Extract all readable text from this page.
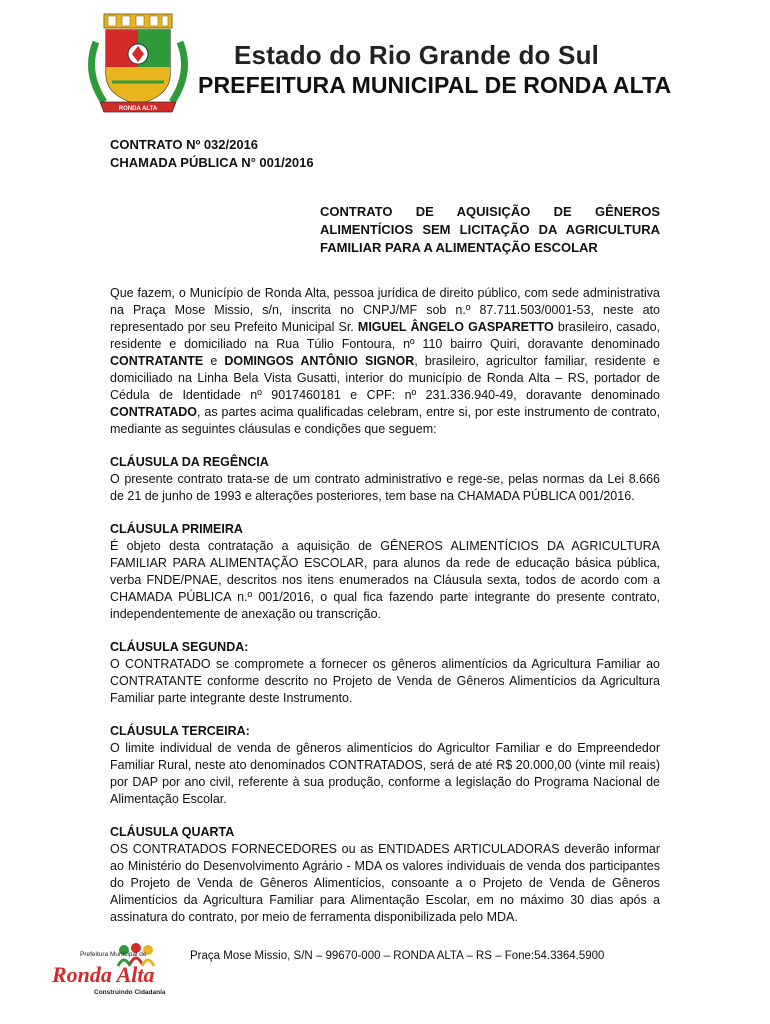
RONDA ALTA
Estado do Rio Grande do Sul
PREFEITURA MUNICIPAL DE RONDA ALTA
CONTRATO Nº 032/2016
CHAMADA PÚBLICA N° 001/2016
CONTRATO DE AQUISIÇÃO DE GÊNEROS ALIMENTÍCIOS SEM LICITAÇÃO DA AGRICULTURA
FAMILIAR PARA A ALIMENTAÇÃO ESCOLAR

Que fazem, o Município de Ronda Alta, pessoa jurídica de direito público, com sede administrativa na Praça Mose Missio, s/n, inscrita no CNPJ/MF sob n.º 87.711.503/0001-53, neste ato representado por seu Prefeito Municipal Sr. MIGUEL ÂNGELO GASPARETTO brasileiro, casado, residente e domiciliado na Rua Túlio Fontoura, nº 110 bairro Quiri, doravante denominado CONTRATANTE e DOMINGOS ANTÔNIO SIGNOR, brasileiro, agricultor familiar, residente e domiciliado na Linha Bela Vista Gusatti, interior do município de Ronda Alta – RS, portador de Cédula de Identidade nº 9017460181 e CPF: nº 231.336.940-49, doravante denominado CONTRATADO, as partes acima qualificadas celebram, entre si, por este instrumento de contrato, mediante as seguintes cláusulas e condições que seguem:

CLÁUSULA DA REGÊNCIA

O presente contrato trata-se de um contrato administrativo e rege-se, pelas normas da Lei 8.666 de 21 de junho de 1993 e alterações posteriores, tem base na CHAMADA PÚBLICA 001/2016.

CLÁUSULA PRIMEIRA

É objeto desta contratação a aquisição de GÊNEROS ALIMENTÍCIOS DA AGRICULTURA FAMILIAR PARA ALIMENTAÇÃO ESCOLAR, para alunos da rede de educação básica pública, verba FNDE/PNAE, descritos nos itens enumerados na Cláusula sexta, todos de acordo com a CHAMADA PÚBLICA n.º 001/2016, o qual fica fazendo parte integrante do presente contrato, independentemente de anexação ou transcrição.

CLÁUSULA SEGUNDA:

O CONTRATADO se compromete a fornecer os gêneros alimentícios da Agricultura Familiar ao CONTRATANTE conforme descrito no Projeto de Venda de Gêneros Alimentícios da Agricultura Familiar parte integrante deste Instrumento.

CLÁUSULA TERCEIRA:

O limite individual de venda de gêneros alimentícios do Agricultor Familiar e do Empreendedor Familiar Rural, neste ato denominados CONTRATADOS, será de até R$ 20.000,00 (vinte mil reais) por DAP por ano civil, referente à sua produção, conforme a legislação do Programa Nacional de Alimentação Escolar.

CLÁUSULA QUARTA

OS CONTRATADOS FORNECEDORES ou as ENTIDADES ARTICULADORAS deverão informar ao Ministério do Desenvolvimento Agrário - MDA os valores individuais de venda dos participantes do Projeto de Venda de Gêneros Alimentícios, consoante a o Projeto de Venda de Gêneros Alimentícios da Agricultura Familiar para Alimentação Escolar, em no máximo 30 dias após a assinatura do contrato, por meio de ferramenta disponibilizada pelo MDA.

Prefeitura Municipal de
Ronda Alta
Construindo Cidadania
Praça Mose Missio, S/N – 99670-000 – RONDA ALTA – RS – Fone:54.3364.5900
